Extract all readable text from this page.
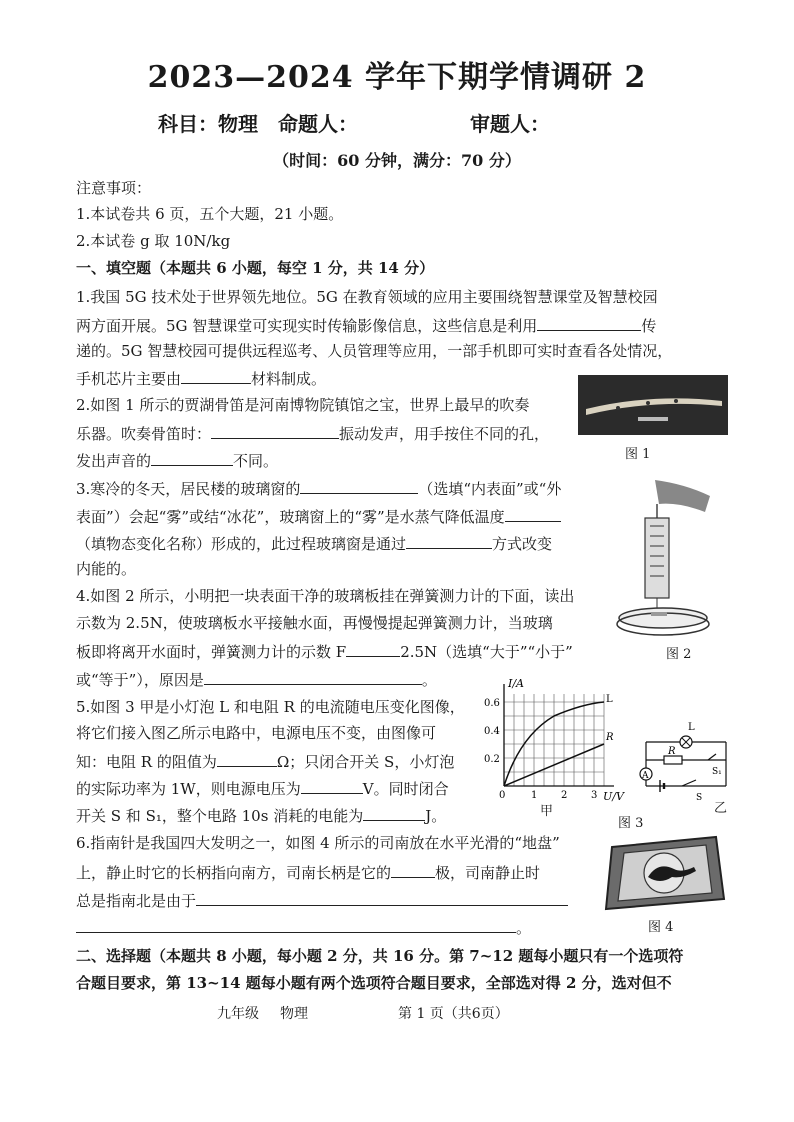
2023—2024 学年下期学情调研 2
科目：物理　命题人：	审题人：
（时间：60 分钟，满分：70 分）
注意事项：
1.本试卷共 6 页，五个大题，21 小题。
2.本试卷 g 取 10N/kg
一、填空题（本题共 6 小题，每空 1 分，共 14 分）
1.我国 5G 技术处于世界领先地位。5G 在教育领域的应用主要围绕智慧课堂及智慧校园
两方面开展。5G 智慧课堂可实现实时传输影像信息，这些信息是利用	传
递的。5G 智慧校园可提供远程巡考、人员管理等应用，一部手机即可实时查看各处情况，
手机芯片主要由	材料制成。
2.如图 1 所示的贾湖骨笛是河南博物院镇馆之宝，世界上最早的吹奏
乐器。吹奏骨笛时：	振动发声，用手按住不同的孔，
发出声音的	不同。
3.寒冷的冬天，居民楼的玻璃窗的	（选填“内表面”或“外
表面”）会起“雾”或结“冰花”，玻璃窗上的“雾”是水蒸气降低温度
（填物态变化名称）形成的，此过程玻璃窗是通过	方式改变
内能的。
4.如图 2 所示，小明把一块表面干净的玻璃板挂在弹簧测力计的下面，读出
示数为 2.5N，使玻璃板水平接触水面，再慢慢提起弹簧测力计，当玻璃
板即将离开水面时，弹簧测力计的示数 F	2.5N（选填“大于”“小于”
或“等于”），原因是	。
5.如图 3 甲是小灯泡 L 和电阻 R 的电流随电压变化图像，
将它们接入图乙所示电路中，电源电压不变，由图像可
知：电阻 R 的阻值为	Ω；只闭合开关 S，小灯泡
的实际功率为 1W，则电源电压为	V。同时闭合
开关 S 和 S₁，整个电路 10s 消耗的电能为	J。
6.指南针是我国四大发明之一，如图 4 所示的司南放在水平光滑的“地盘”
上，静止时它的长柄指向南方，司南长柄是它的	极，司南静止时
总是指南北是由于
。
二、选择题（本题共 8 小题，每小题 2 分，共 16 分。第 7~12 题每小题只有一个选项符
合题目要求，第 13~14 题每小题有两个选项符合题目要求，全部选对得 2 分，选对但不
九年级 物理	第 1 页（共6页）
图 1
图 2
I/A
0.6
0.4
0.2
0	1 2 3 U/V
L
R
甲
L
R
S₁
S
A
乙
图 3
图 4
